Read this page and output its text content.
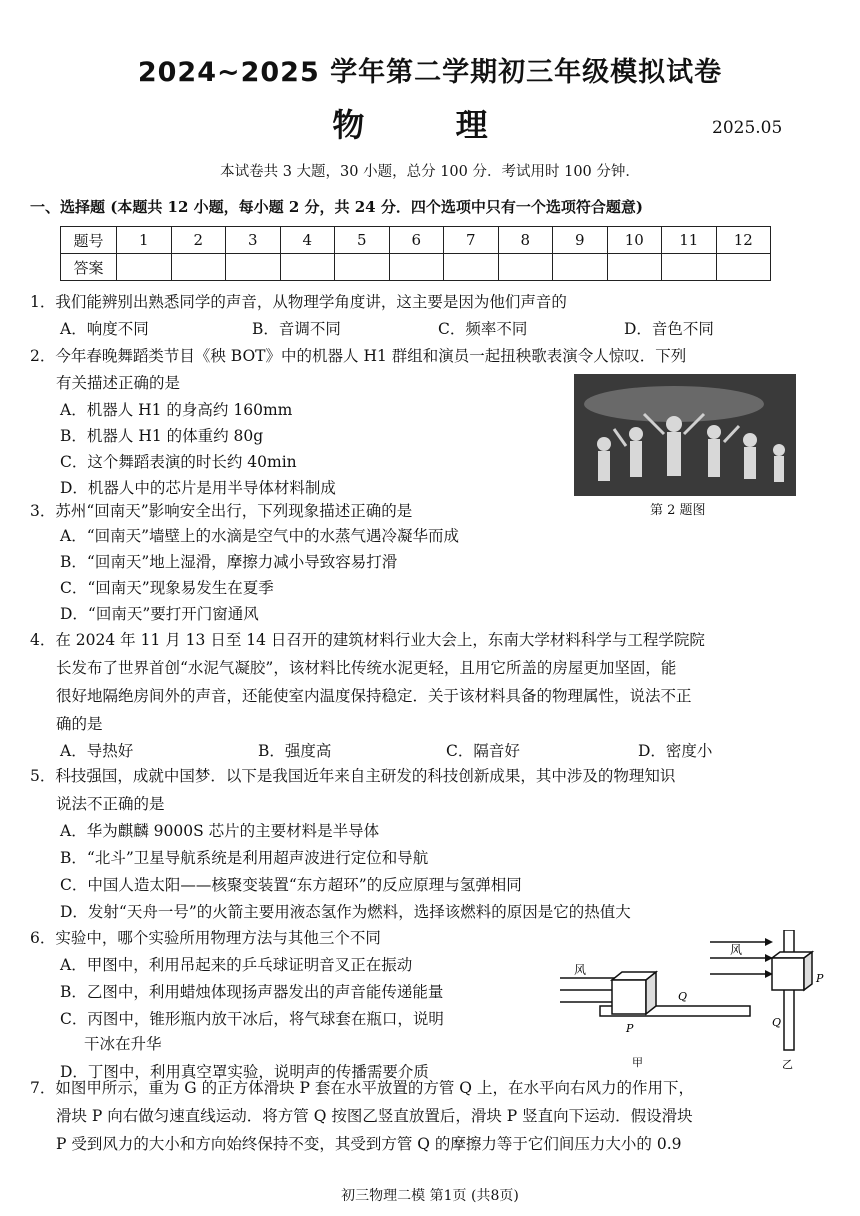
2024~2025 学年第二学期初三年级模拟试卷
物 理	2025.05
本试卷共 3 大题，30 小题，总分 100 分．考试用时 100 分钟．
一、选择题 (本题共 12 小题，每小题 2 分，共 24 分．四个选项中只有一个选项符合题意)
题号	1	2	3	4	5	6	7	8	9	10	11	12
答案												
1．我们能辨别出熟悉同学的声音，从物理学角度讲，这主要是因为他们声音的
A．响度不同	B．音调不同	C．频率不同	D．音色不同
2．今年春晚舞蹈类节目《秧 BOT》中的机器人 H1 群组和演员一起扭秧歌表演令人惊叹．下列
有关描述正确的是
A．机器人 H1 的身高约 160mm
B．机器人 H1 的体重约 80g
C．这个舞蹈表演的时长约 40min
D．机器人中的芯片是用半导体材料制成
第 2 题图
3．苏州“回南天”影响安全出行，下列现象描述正确的是
A．“回南天”墙壁上的水滴是空气中的水蒸气遇冷凝华而成
B．“回南天”地上湿滑，摩擦力减小导致容易打滑
C．“回南天”现象易发生在夏季
D．“回南天”要打开门窗通风
4．在 2024 年 11 月 13 日至 14 日召开的建筑材料行业大会上，东南大学材料科学与工程学院院
长发布了世界首创“水泥气凝胶”，该材料比传统水泥更轻，且用它所盖的房屋更加坚固，能
很好地隔绝房间外的声音，还能使室内温度保持稳定．关于该材料具备的物理属性，说法不正
确的是
A．导热好	B．强度高	C．隔音好	D．密度小
5．科技强国，成就中国梦．以下是我国近年来自主研发的科技创新成果，其中涉及的物理知识
说法不正确的是
A．华为麒麟 9000S 芯片的主要材料是半导体
B．“北斗”卫星导航系统是利用超声波进行定位和导航
C．中国人造太阳——核聚变装置“东方超环”的反应原理与氢弹相同
D．发射“天舟一号”的火箭主要用液态氢作为燃料，选择该燃料的原因是它的热值大
6．实验中，哪个实验所用物理方法与其他三个不同
A．甲图中，利用吊起来的乒乓球证明音叉正在振动
B．乙图中，利用蜡烛体现扬声器发出的声音能传递能量
C．丙图中，锥形瓶内放干冰后，将气球套在瓶口，说明
干冰在升华
D．丁图中，利用真空罩实验，说明声的传播需要介质
风
Q
P
甲
风
P
Q
乙
7．如图甲所示，重为 G 的正方体滑块 P 套在水平放置的方管 Q 上，在水平向右风力的作用下，
滑块 P 向右做匀速直线运动．将方管 Q 按图乙竖直放置后，滑块 P 竖直向下运动．假设滑块
P 受到风力的大小和方向始终保持不变，其受到方管 Q 的摩擦力等于它们间压力大小的 0.9
初三物理二模 第1页 (共8页)
